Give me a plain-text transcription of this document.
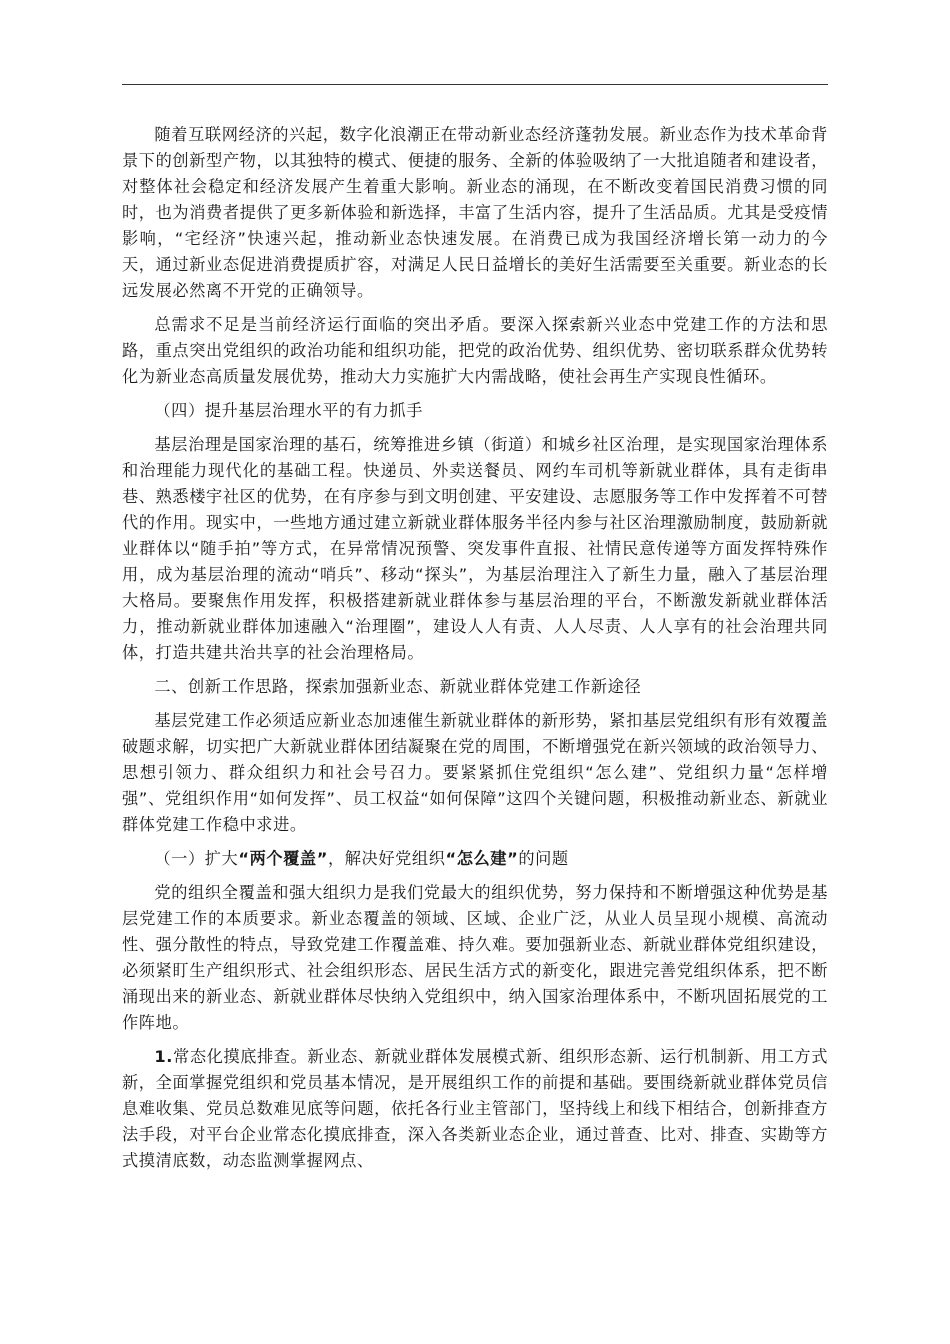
随着互联网经济的兴起，数字化浪潮正在带动新业态经济蓬勃发展。新业态作为技术革命背景下的创新型产物，以其独特的模式、便捷的服务、全新的体验吸纳了一大批追随者和建设者，对整体社会稳定和经济发展产生着重大影响。新业态的涌现，在不断改变着国民消费习惯的同时，也为消费者提供了更多新体验和新选择，丰富了生活内容，提升了生活品质。尤其是受疫情影响，“宅经济”快速兴起，推动新业态快速发展。在消费已成为我国经济增长第一动力的今天，通过新业态促进消费提质扩容，对满足人民日益增长的美好生活需要至关重要。新业态的长远发展必然离不开党的正确领导。

总需求不足是当前经济运行面临的突出矛盾。要深入探索新兴业态中党建工作的方法和思路，重点突出党组织的政治功能和组织功能，把党的政治优势、组织优势、密切联系群众优势转化为新业态高质量发展优势，推动大力实施扩大内需战略，使社会再生产实现良性循环。

（四）提升基层治理水平的有力抓手

基层治理是国家治理的基石，统筹推进乡镇（街道）和城乡社区治理，是实现国家治理体系和治理能力现代化的基础工程。快递员、外卖送餐员、网约车司机等新就业群体，具有走街串巷、熟悉楼宇社区的优势，在有序参与到文明创建、平安建设、志愿服务等工作中发挥着不可替代的作用。现实中，一些地方通过建立新就业群体服务半径内参与社区治理激励制度，鼓励新就业群体以“随手拍”等方式，在异常情况预警、突发事件直报、社情民意传递等方面发挥特殊作用，成为基层治理的流动“哨兵”、移动“探头”，为基层治理注入了新生力量，融入了基层治理大格局。要聚焦作用发挥，积极搭建新就业群体参与基层治理的平台，不断激发新就业群体活力，推动新就业群体加速融入“治理圈”，建设人人有责、人人尽责、人人享有的社会治理共同体，打造共建共治共享的社会治理格局。

二、创新工作思路，探索加强新业态、新就业群体党建工作新途径

基层党建工作必须适应新业态加速催生新就业群体的新形势，紧扣基层党组织有形有效覆盖破题求解，切实把广大新就业群体团结凝聚在党的周围，不断增强党在新兴领域的政治领导力、思想引领力、群众组织力和社会号召力。要紧紧抓住党组织“怎么建”、党组织力量“怎样增强”、党组织作用“如何发挥”、员工权益“如何保障”这四个关键问题，积极推动新业态、新就业群体党建工作稳中求进。

（一）扩大“两个覆盖”，解决好党组织“怎么建”的问题

党的组织全覆盖和强大组织力是我们党最大的组织优势，努力保持和不断增强这种优势是基层党建工作的本质要求。新业态覆盖的领域、区域、企业广泛，从业人员呈现小规模、高流动性、强分散性的特点，导致党建工作覆盖难、持久难。要加强新业态、新就业群体党组织建设，必须紧盯生产组织形式、社会组织形态、居民生活方式的新变化，跟进完善党组织体系，把不断涌现出来的新业态、新就业群体尽快纳入党组织中，纳入国家治理体系中，不断巩固拓展党的工作阵地。

1.常态化摸底排查。新业态、新就业群体发展模式新、组织形态新、运行机制新、用工方式新，全面掌握党组织和党员基本情况，是开展组织工作的前提和基础。要围绕新就业群体党员信息难收集、党员总数难见底等问题，依托各行业主管部门，坚持线上和线下相结合，创新排查方法手段，对平台企业常态化摸底排查，深入各类新业态企业，通过普查、比对、排查、实勘等方式摸清底数，动态监测掌握网点、
